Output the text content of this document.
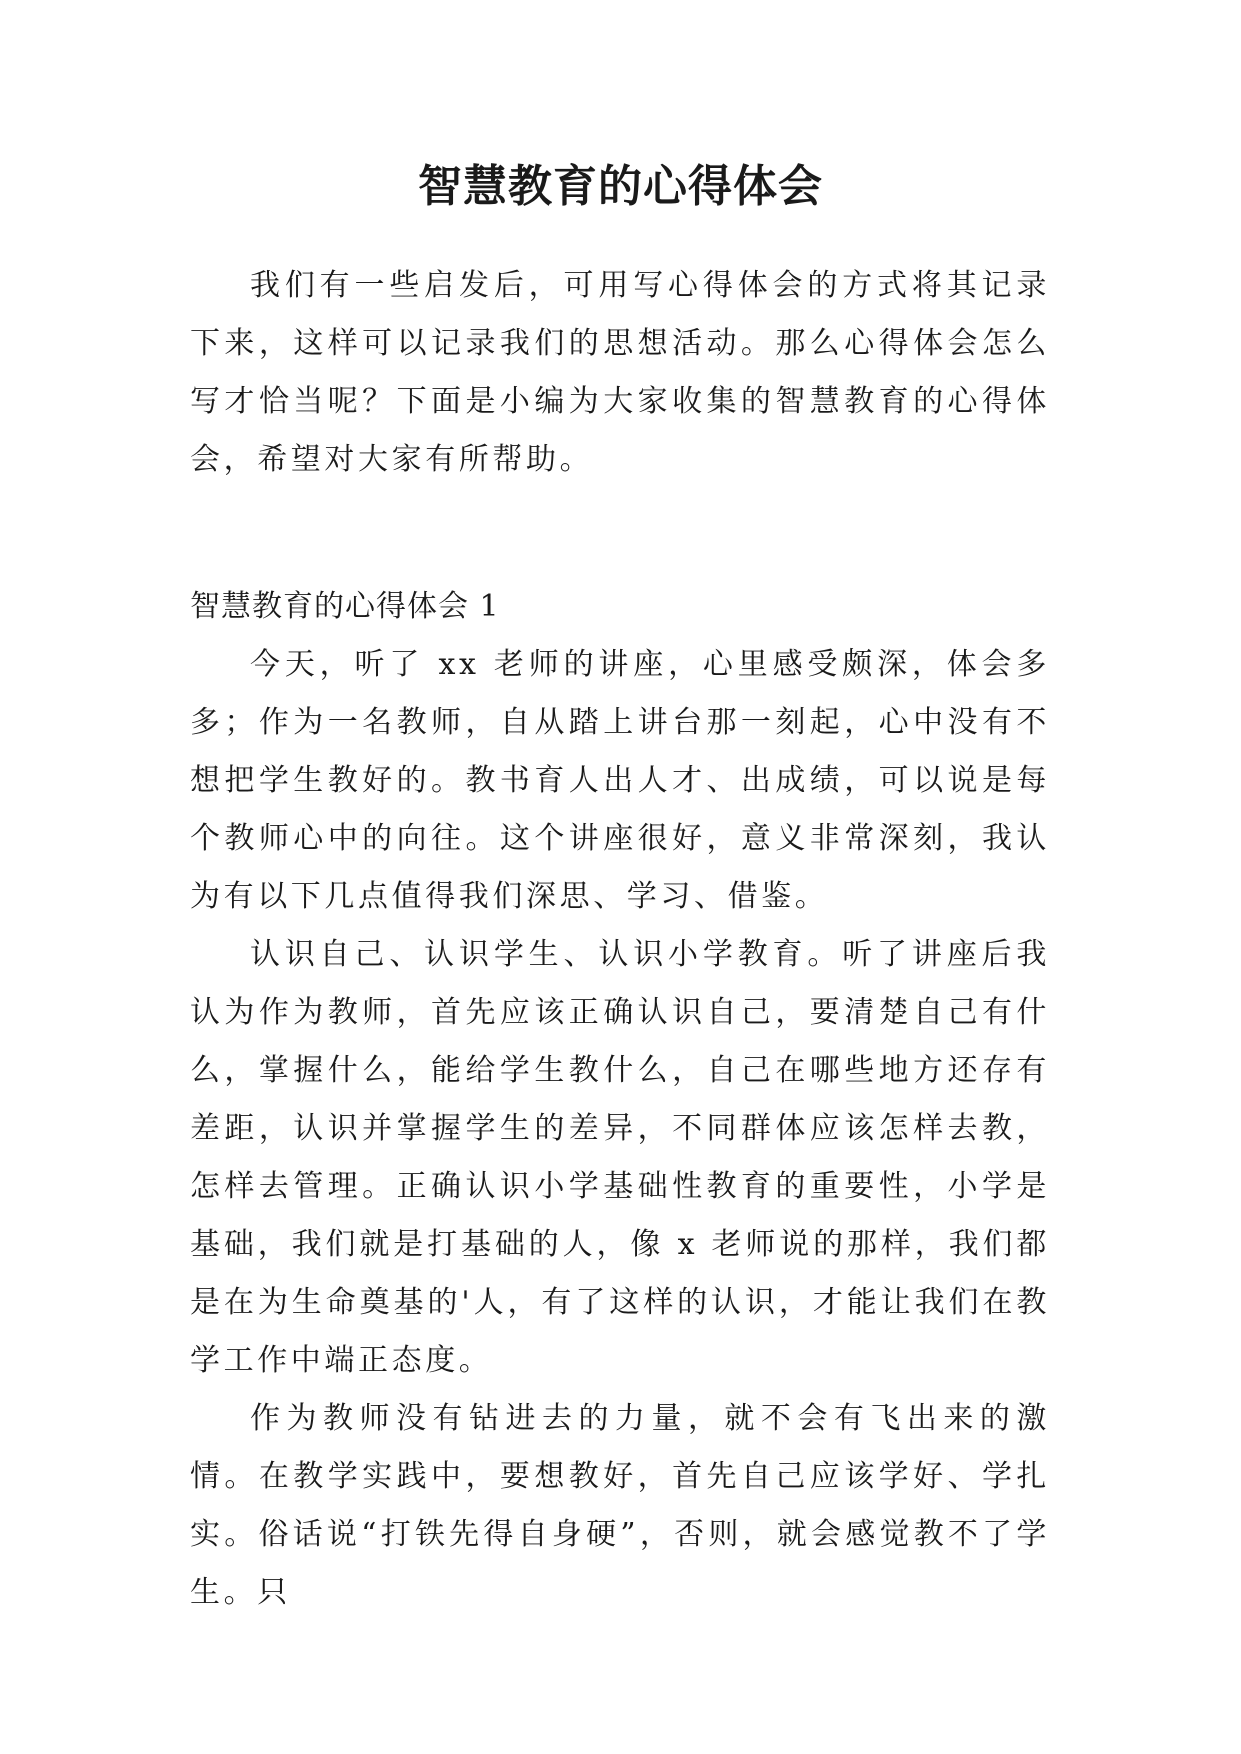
智慧教育的心得体会

我们有一些启发后，可用写心得体会的方式将其记录下来，这样可以记录我们的思想活动。那么心得体会怎么写才恰当呢？下面是小编为大家收集的智慧教育的心得体会，希望对大家有所帮助。

智慧教育的心得体会 1

今天，听了 xx 老师的讲座，心里感受颇深，体会多多；作为一名教师，自从踏上讲台那一刻起，心中没有不想把学生教好的。教书育人出人才、出成绩，可以说是每个教师心中的向往。这个讲座很好，意义非常深刻，我认为有以下几点值得我们深思、学习、借鉴。

认识自己、认识学生、认识小学教育。听了讲座后我认为作为教师，首先应该正确认识自己，要清楚自己有什么，掌握什么，能给学生教什么，自己在哪些地方还存有差距，认识并掌握学生的差异，不同群体应该怎样去教，怎样去管理。正确认识小学基础性教育的重要性，小学是基础，我们就是打基础的人，像 x 老师说的那样，我们都是在为生命奠基的'人，有了这样的认识，才能让我们在教学工作中端正态度。

作为教师没有钻进去的力量，就不会有飞出来的激情。在教学实践中，要想教好，首先自己应该学好、学扎实。俗话说“打铁先得自身硬”，否则，就会感觉教不了学生。只
